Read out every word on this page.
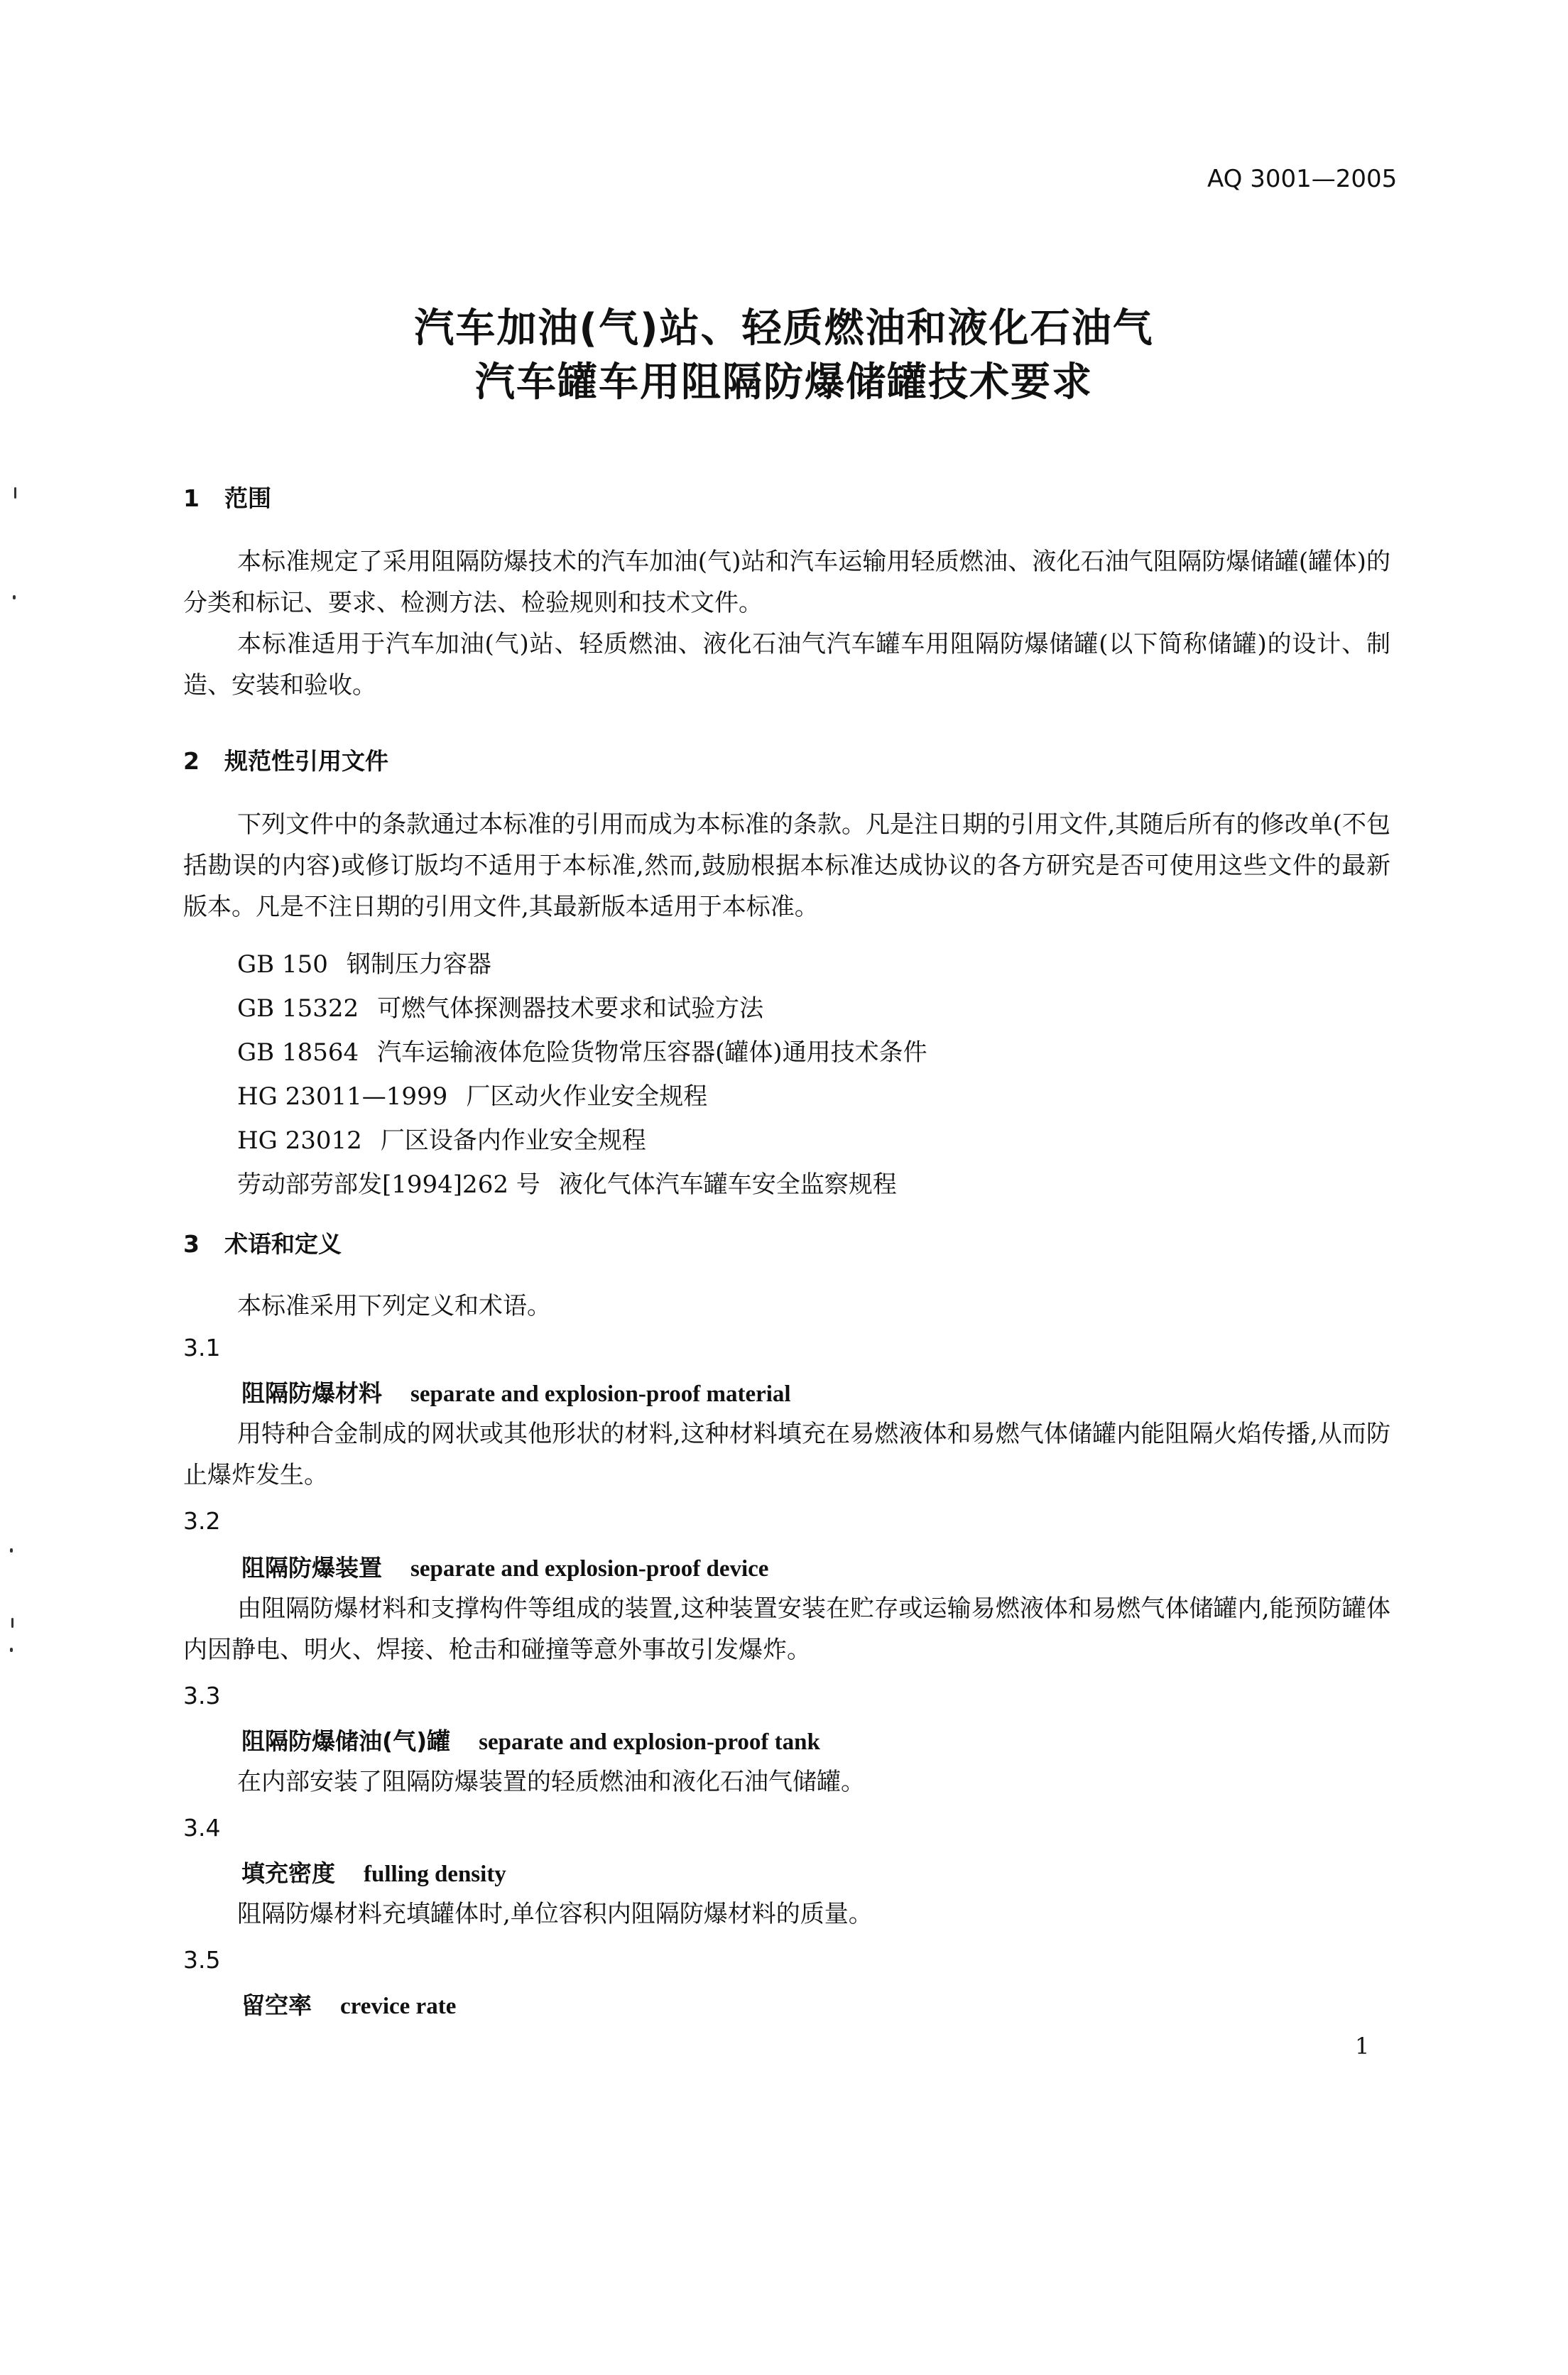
AQ 3001—2005
汽车加油(气)站、轻质燃油和液化石油气
汽车罐车用阻隔防爆储罐技术要求
1 范围
本标准规定了采用阻隔防爆技术的汽车加油(气)站和汽车运输用轻质燃油、液化石油气阻隔防爆储罐(罐体)的分类和标记、要求、检测方法、检验规则和技术文件。
本标准适用于汽车加油(气)站、轻质燃油、液化石油气汽车罐车用阻隔防爆储罐(以下简称储罐)的设计、制造、安装和验收。
2 规范性引用文件
下列文件中的条款通过本标准的引用而成为本标准的条款。凡是注日期的引用文件,其随后所有的修改单(不包括勘误的内容)或修订版均不适用于本标准,然而,鼓励根据本标准达成协议的各方研究是否可使用这些文件的最新版本。凡是不注日期的引用文件,其最新版本适用于本标准。
GB 150 钢制压力容器
GB 15322 可燃气体探测器技术要求和试验方法
GB 18564 汽车运输液体危险货物常压容器(罐体)通用技术条件
HG 23011—1999 厂区动火作业安全规程
HG 23012 厂区设备内作业安全规程
劳动部劳部发[1994]262 号 液化气体汽车罐车安全监察规程
3 术语和定义
本标准采用下列定义和术语。
3.1
阻隔防爆材料 separate and explosion-proof material
用特种合金制成的网状或其他形状的材料,这种材料填充在易燃液体和易燃气体储罐内能阻隔火焰传播,从而防止爆炸发生。
3.2
阻隔防爆装置 separate and explosion-proof device
由阻隔防爆材料和支撑构件等组成的装置,这种装置安装在贮存或运输易燃液体和易燃气体储罐内,能预防罐体内因静电、明火、焊接、枪击和碰撞等意外事故引发爆炸。
3.3
阻隔防爆储油(气)罐 separate and explosion-proof tank
在内部安装了阻隔防爆装置的轻质燃油和液化石油气储罐。
3.4
填充密度 fulling density
阻隔防爆材料充填罐体时,单位容积内阻隔防爆材料的质量。
3.5
留空率 crevice rate
1
